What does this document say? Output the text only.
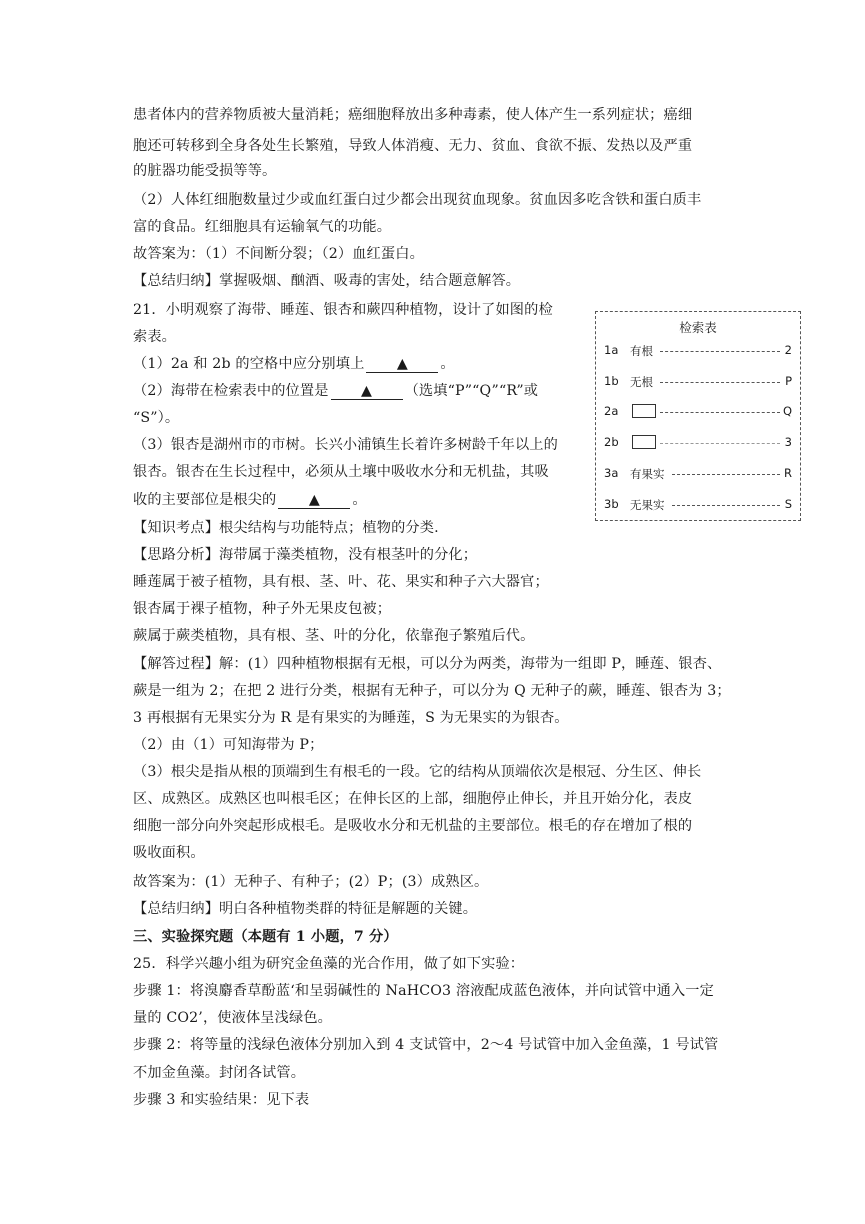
患者体内的营养物质被大量消耗；癌细胞释放出多种毒素，使人体产生一系列症状；癌细
胞还可转移到全身各处生长繁殖，导致人体消瘦、无力、贫血、食欲不振、发热以及严重
的脏器功能受损等等。
（2）人体红细胞数量过少或血红蛋白过少都会出现贫血现象。贫血因多吃含铁和蛋白质丰
富的食品。红细胞具有运输氧气的功能。
故答案为：（1）不间断分裂；（2）血红蛋白。
【总结归纳】掌握吸烟、酗酒、吸毒的害处，结合题意解答。
21．小明观察了海带、睡莲、银杏和蕨四种植物，设计了如图的检
索表。
（1）2a 和 2b 的空格中应分别填上 ▲ 。
（2）海带在检索表中的位置是 ▲ （选填“P”“Q”“R”或
“S”）。
（3）银杏是湖州市的市树。长兴小浦镇生长着许多树龄千年以上的
银杏。银杏在生长过程中，必须从土壤中吸收水分和无机盐，其吸
收的主要部位是根尖的 ▲ 。
【知识考点】根尖结构与功能特点；植物的分类.
【思路分析】海带属于藻类植物，没有根茎叶的分化；
睡莲属于被子植物，具有根、茎、叶、花、果实和种子六大器官；
银杏属于裸子植物，种子外无果皮包被；
蕨属于蕨类植物，具有根、茎、叶的分化，依靠孢子繁殖后代。
【解答过程】解：(1）四种植物根据有无根，可以分为两类，海带为一组即 P，睡莲、银杏、
蕨是一组为 2；在把 2 进行分类，根据有无种子，可以分为 Q 无种子的蕨，睡莲、银杏为 3；
3 再根据有无果实分为 R 是有果实的为睡莲，S 为无果实的为银杏。
（2）由（1）可知海带为 P；
（3）根尖是指从根的顶端到生有根毛的一段。它的结构从顶端依次是根冠、分生区、伸长
区、成熟区。成熟区也叫根毛区；在伸长区的上部，细胞停止伸长，并且开始分化，表皮
细胞一部分向外突起形成根毛。是吸收水分和无机盐的主要部位。根毛的存在增加了根的
吸收面积。
故答案为：(1）无种子、有种子；(2）P；(3）成熟区。
【总结归纳】明白各种植物类群的特征是解题的关键。
三、实验探究题（本题有 1 小题，7 分）
25．科学兴趣小组为研究金鱼藻的光合作用，做了如下实验：
步骤 1：将溴麝香草酚蓝‘和呈弱碱性的 NaHCO3 溶液配成蓝色液体，并向试管中通入一定
量的 CO2’，使液体呈浅绿色。
步骤 2：将等量的浅绿色液体分别加入到 4 支试管中，2～4 号试管中加入金鱼藻，1 号试管
不加金鱼藻。封闭各试管。
步骤 3 和实验结果：见下表
检索表
1a 有根	2
1b 无根	P
2a	Q
2b	3
3a 有果实	R
3b 无果实	S
